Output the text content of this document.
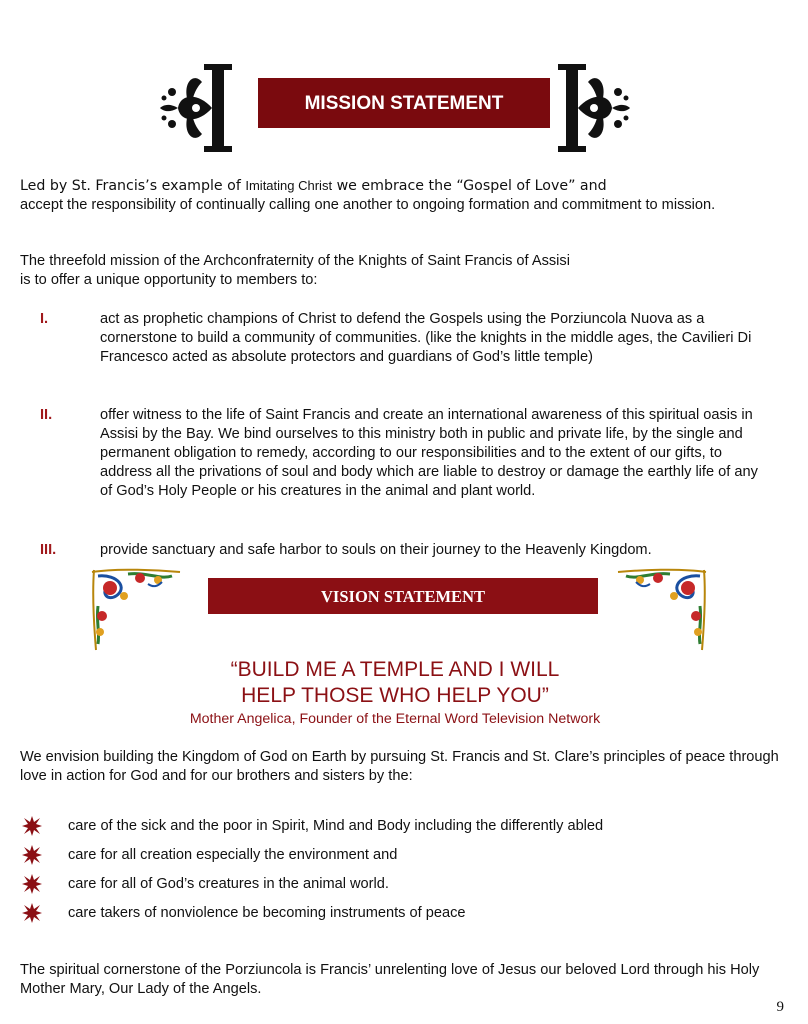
MISSION STATEMENT
Led by St. Francis’s example of Imitating Christ we embrace the “Gospel of Love” and
accept the responsibility of continually calling one another to ongoing formation and commitment to mission.
The threefold mission of the Archconfraternity of the Knights of Saint Francis of Assisi
is to offer a unique opportunity to members to:
I.	act as prophetic champions of Christ to defend the Gospels using the Porziuncola Nuova as a cornerstone to build a community of communities. (like the knights in the middle ages, the Cavilieri Di Francesco acted as absolute protectors and guardians of God’s little temple)
II.	offer witness to the life of Saint Francis and create an international awareness of this spiritual oasis in Assisi by the Bay. We bind ourselves to this ministry both in public and private life, by the single and permanent obligation to remedy, according to our responsibilities and to the extent of our gifts, to address all the privations of soul and body which are liable to destroy or damage the earthly life of any of God’s Holy People or his creatures in the animal and plant world.
III.	provide sanctuary and safe harbor to souls on their journey to the Heavenly Kingdom.
VISION STATEMENT
“BUILD ME A TEMPLE AND I WILL
HELP THOSE WHO HELP YOU”
Mother Angelica, Founder of the Eternal Word Television Network
We envision building the Kingdom of God on Earth by pursuing St. Francis and St. Clare’s principles of peace through love in action for God and for our brothers and sisters by the:
care of the sick and the poor in Spirit, Mind and Body including the differently abled
care for all creation especially the environment and
care for all of God’s creatures in the animal world.
care takers of nonviolence be becoming instruments of peace
The spiritual cornerstone of the Porziuncola is Francis’ unrelenting love of Jesus our beloved Lord through his Holy Mother Mary, Our Lady of the Angels.
9
